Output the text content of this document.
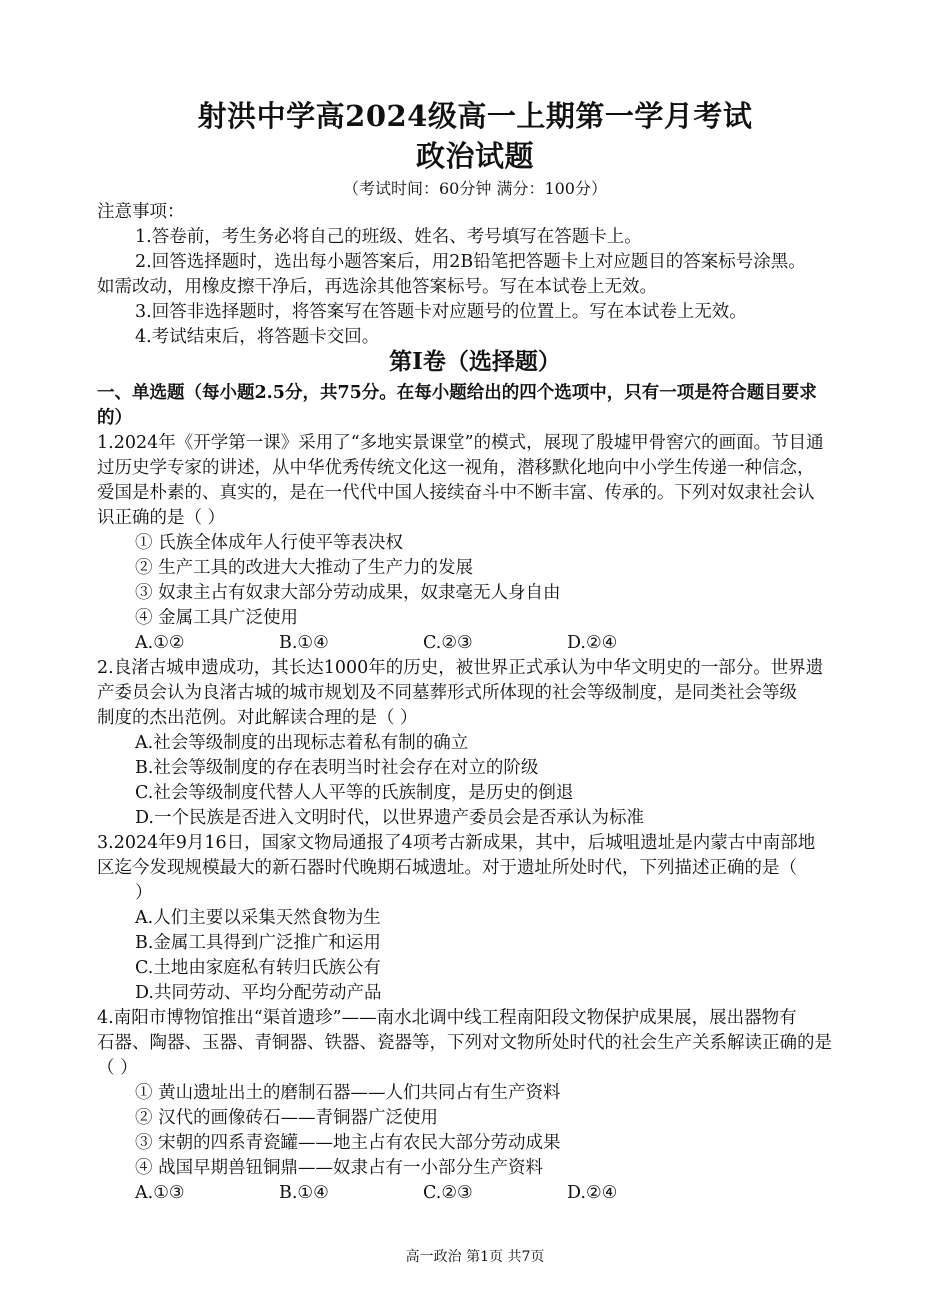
射洪中学高2024级高一上期第一学月考试
政治试题
（考试时间：60分钟 满分：100分）
注意事项：
1.答卷前，考生务必将自己的班级、姓名、考号填写在答题卡上。
2.回答选择题时，选出每小题答案后，用2B铅笔把答题卡上对应题目的答案标号涂黑。
如需改动，用橡皮擦干净后，再选涂其他答案标号。写在本试卷上无效。
3.回答非选择题时，将答案写在答题卡对应题号的位置上。写在本试卷上无效。
4.考试结束后，将答题卡交回。
第I卷（选择题）
一、单选题（每小题2.5分，共75分。在每小题给出的四个选项中，只有一项是符合题目要求
的）
1.2024年《开学第一课》采用了“多地实景课堂”的模式，展现了殷墟甲骨窖穴的画面。节目通
过历史学专家的讲述，从中华优秀传统文化这一视角，潜移默化地向中小学生传递一种信念，
爱国是朴素的、真实的，是在一代代中国人接续奋斗中不断丰富、传承的。下列对奴隶社会认
识正确的是（ ）
① 氏族全体成年人行使平等表决权
② 生产工具的改进大大推动了生产力的发展
③ 奴隶主占有奴隶大部分劳动成果，奴隶毫无人身自由
④ 金属工具广泛使用
A.①②	B.①④	C.②③	D.②④
2.良渚古城申遗成功，其长达1000年的历史，被世界正式承认为中华文明史的一部分。世界遗
产委员会认为良渚古城的城市规划及不同墓葬形式所体现的社会等级制度，是同类社会等级
制度的杰出范例。对此解读合理的是（ ）
A.社会等级制度的出现标志着私有制的确立
B.社会等级制度的存在表明当时社会存在对立的阶级
C.社会等级制度代替人人平等的氏族制度，是历史的倒退
D.一个民族是否进入文明时代，以世界遗产委员会是否承认为标准
3.2024年9月16日，国家文物局通报了4项考古新成果，其中，后城咀遗址是内蒙古中南部地
区迄今发现规模最大的新石器时代晚期石城遗址。对于遗址所处时代，下列描述正确的是（
）
A.人们主要以采集天然食物为生
B.金属工具得到广泛推广和运用
C.土地由家庭私有转归氏族公有
D.共同劳动、平均分配劳动产品
4.南阳市博物馆推出“渠首遗珍”——南水北调中线工程南阳段文物保护成果展，展出器物有
石器、陶器、玉器、青铜器、铁器、瓷器等，下列对文物所处时代的社会生产关系解读正确的是
（ ）
① 黄山遗址出土的磨制石器——人们共同占有生产资料
② 汉代的画像砖石——青铜器广泛使用
③ 宋朝的四系青瓷罐——地主占有农民大部分劳动成果
④ 战国早期兽钮铜鼎——奴隶占有一小部分生产资料
A.①③	B.①④	C.②③	D.②④
高一政治 第1页 共7页
